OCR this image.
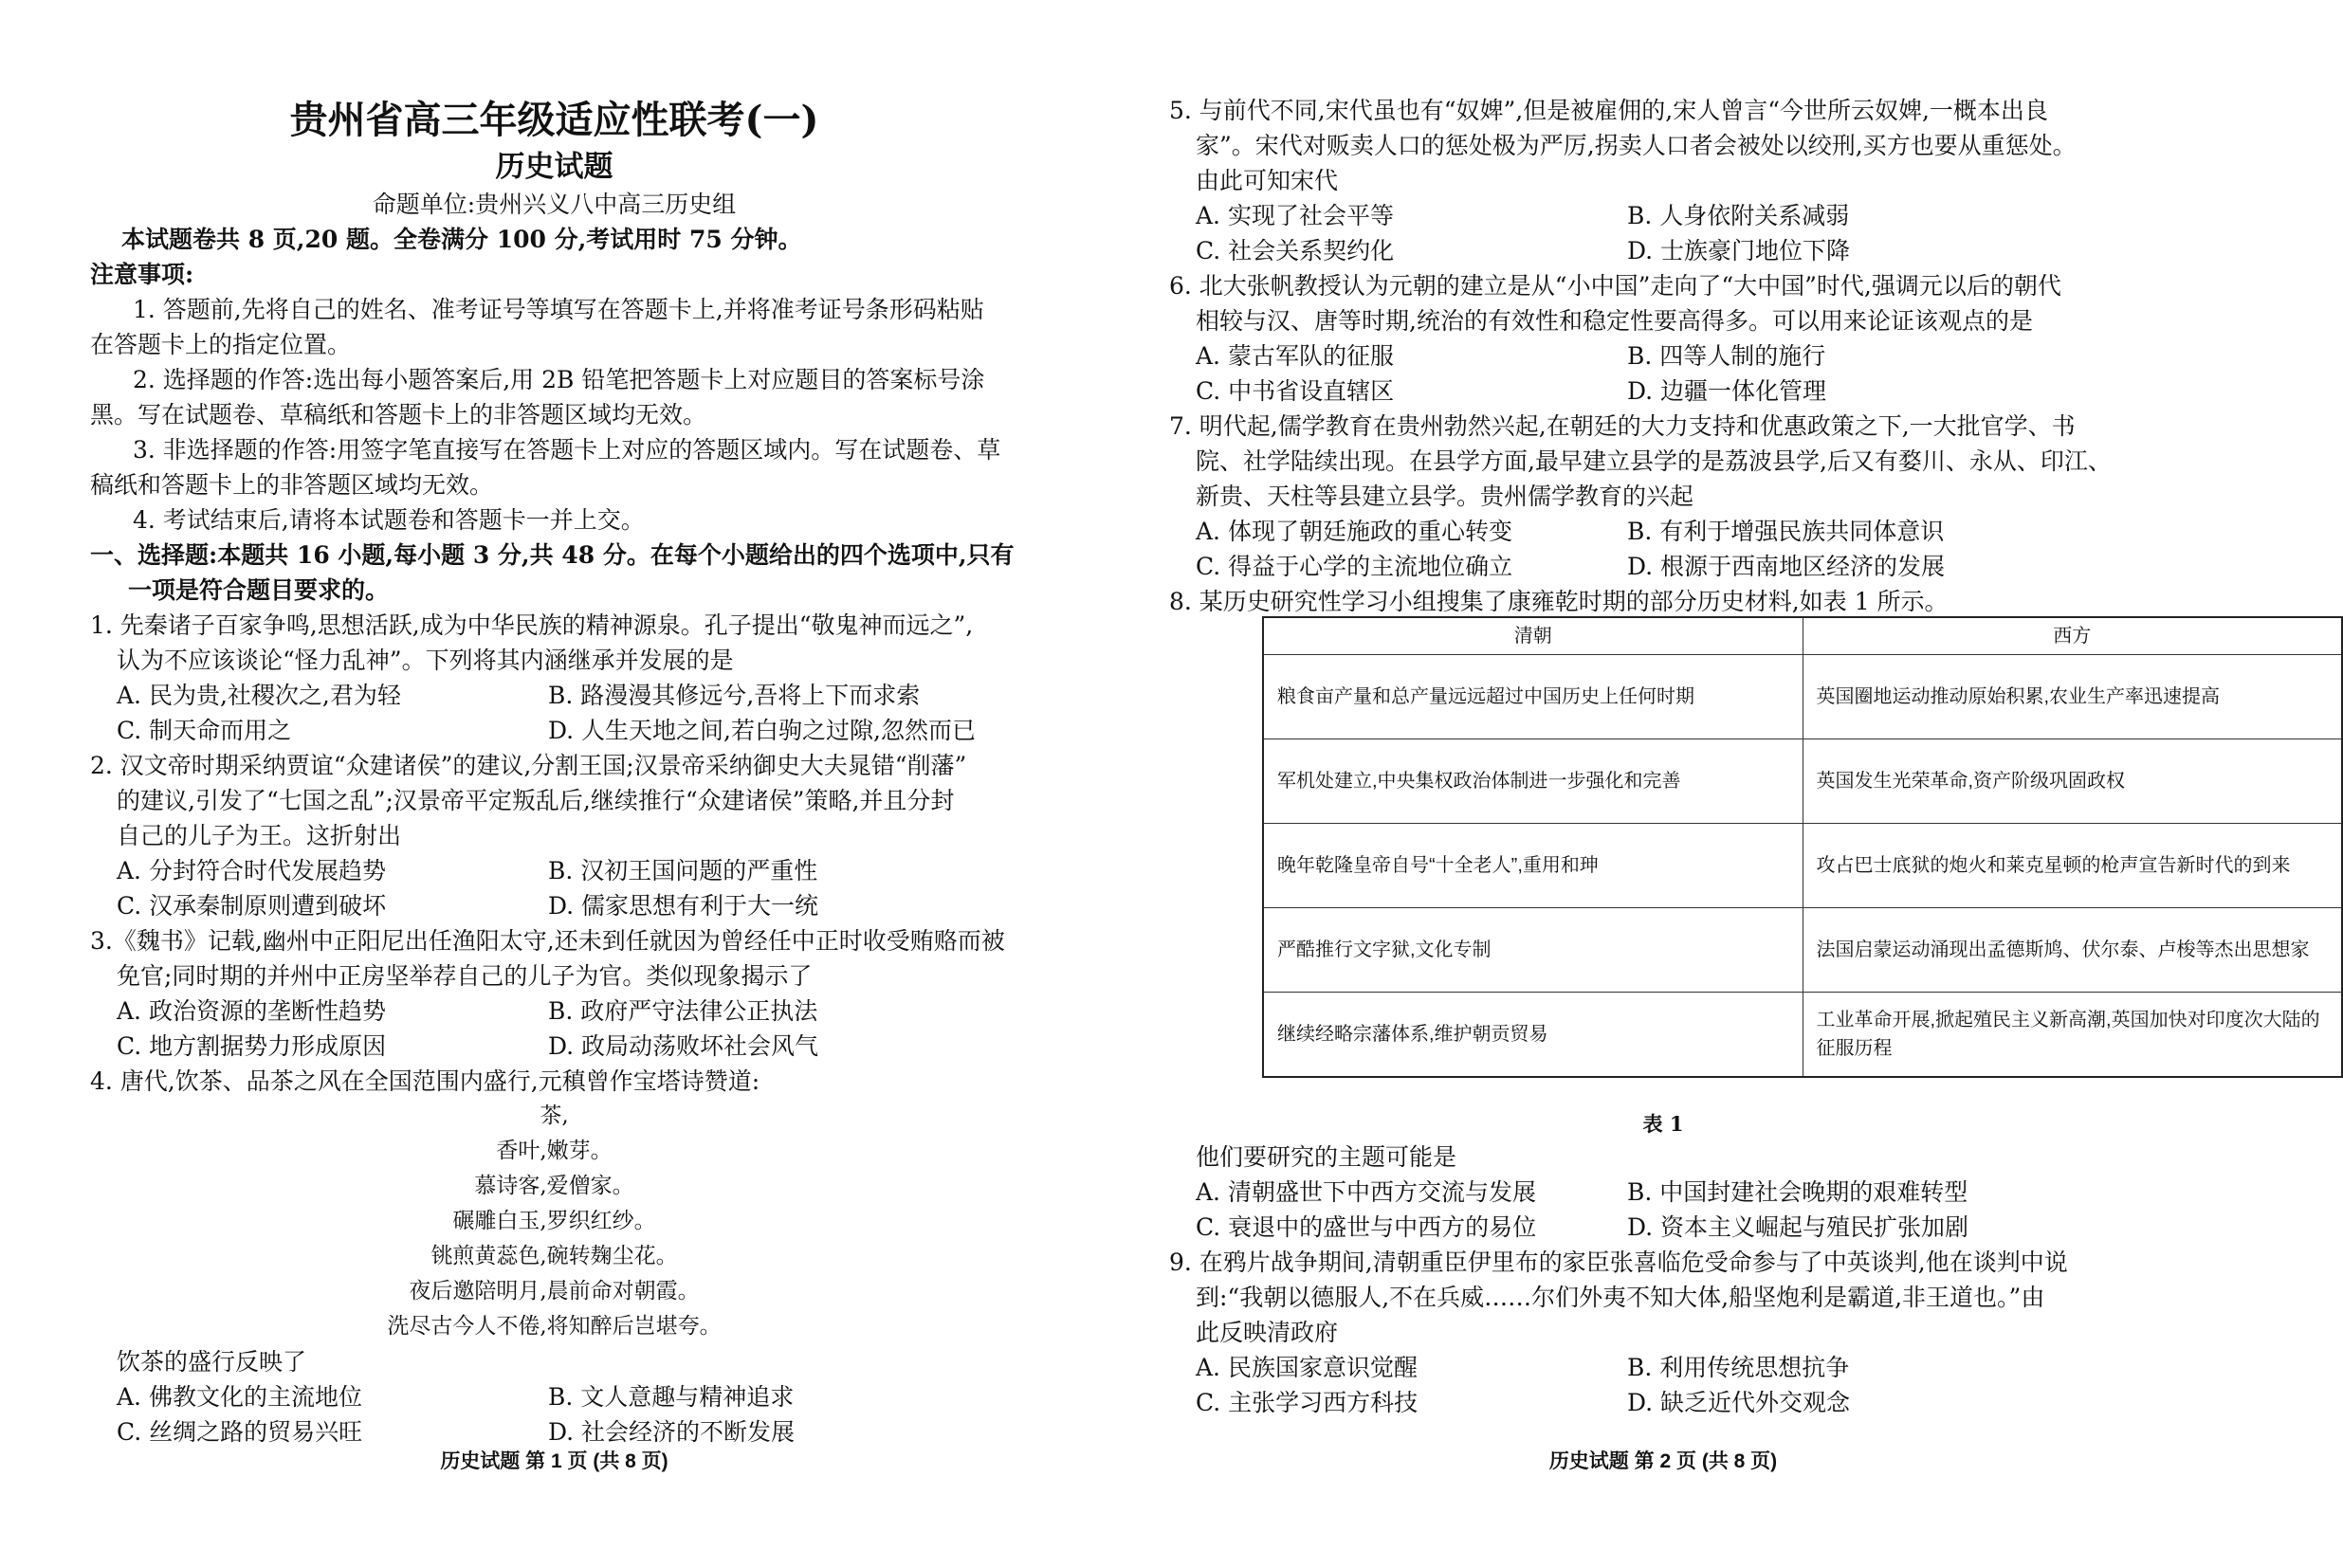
贵州省高三年级适应性联考(一)
历史试题
命题单位:贵州兴义八中高三历史组
本试题卷共 8 页,20 题。全卷满分 100 分,考试用时 75 分钟。
注意事项:
1. 答题前,先将自己的姓名、准考证号等填写在答题卡上,并将准考证号条形码粘贴
在答题卡上的指定位置。
2. 选择题的作答:选出每小题答案后,用 2B 铅笔把答题卡上对应题目的答案标号涂
黑。写在试题卷、草稿纸和答题卡上的非答题区域均无效。
3. 非选择题的作答:用签字笔直接写在答题卡上对应的答题区域内。写在试题卷、草
稿纸和答题卡上的非答题区域均无效。
4. 考试结束后,请将本试题卷和答题卡一并上交。
一、选择题:本题共 16 小题,每小题 3 分,共 48 分。在每个小题给出的四个选项中,只有
一项是符合题目要求的。
1. 先秦诸子百家争鸣,思想活跃,成为中华民族的精神源泉。孔子提出“敬鬼神而远之”,
认为不应该谈论“怪力乱神”。下列将其内涵继承并发展的是
A. 民为贵,社稷次之,君为轻	B. 路漫漫其修远兮,吾将上下而求索
C. 制天命而用之	D. 人生天地之间,若白驹之过隙,忽然而已
2. 汉文帝时期采纳贾谊“众建诸侯”的建议,分割王国;汉景帝采纳御史大夫晁错“削藩”
的建议,引发了“七国之乱”;汉景帝平定叛乱后,继续推行“众建诸侯”策略,并且分封
自己的儿子为王。这折射出
A. 分封符合时代发展趋势	B. 汉初王国问题的严重性
C. 汉承秦制原则遭到破坏	D. 儒家思想有利于大一统
3.《魏书》记载,幽州中正阳尼出任渔阳太守,还未到任就因为曾经任中正时收受贿赂而被
免官;同时期的并州中正房坚举荐自己的儿子为官。类似现象揭示了
A. 政治资源的垄断性趋势	B. 政府严守法律公正执法
C. 地方割据势力形成原因	D. 政局动荡败坏社会风气
4. 唐代,饮茶、品茶之风在全国范围内盛行,元稹曾作宝塔诗赞道:
茶,
香叶,嫩芽。
慕诗客,爱僧家。
碾雕白玉,罗织红纱。
铫煎黄蕊色,碗转麹尘花。
夜后邀陪明月,晨前命对朝霞。
洗尽古今人不倦,将知醉后岂堪夸。
饮茶的盛行反映了
A. 佛教文化的主流地位	B. 文人意趣与精神追求
C. 丝绸之路的贸易兴旺	D. 社会经济的不断发展
历史试题 第 1 页 (共 8 页)
5. 与前代不同,宋代虽也有“奴婢”,但是被雇佣的,宋人曾言“今世所云奴婢,一概本出良
家”。宋代对贩卖人口的惩处极为严厉,拐卖人口者会被处以绞刑,买方也要从重惩处。
由此可知宋代
A. 实现了社会平等	B. 人身依附关系减弱
C. 社会关系契约化	D. 士族豪门地位下降
6. 北大张帆教授认为元朝的建立是从“小中国”走向了“大中国”时代,强调元以后的朝代
相较与汉、唐等时期,统治的有效性和稳定性要高得多。可以用来论证该观点的是
A. 蒙古军队的征服	B. 四等人制的施行
C. 中书省设直辖区	D. 边疆一体化管理
7. 明代起,儒学教育在贵州勃然兴起,在朝廷的大力支持和优惠政策之下,一大批官学、书
院、社学陆续出现。在县学方面,最早建立县学的是荔波县学,后又有婺川、永从、印江、
新贵、天柱等县建立县学。贵州儒学教育的兴起
A. 体现了朝廷施政的重心转变	B. 有利于增强民族共同体意识
C. 得益于心学的主流地位确立	D. 根源于西南地区经济的发展
8. 某历史研究性学习小组搜集了康雍乾时期的部分历史材料,如表 1 所示。
清朝	西方
粮食亩产量和总产量远远超过中国历史上任何时期	英国圈地运动推动原始积累,农业生产率迅速提高
军机处建立,中央集权政治体制进一步强化和完善	英国发生光荣革命,资产阶级巩固政权
晚年乾隆皇帝自号“十全老人”,重用和珅	攻占巴士底狱的炮火和莱克星顿的枪声宣告新时代的到来
严酷推行文字狱,文化专制	法国启蒙运动涌现出孟德斯鸠、伏尔泰、卢梭等杰出思想家
继续经略宗藩体系,维护朝贡贸易	工业革命开展,掀起殖民主义新高潮,英国加快对印度次大陆的征服历程
表 1
他们要研究的主题可能是
A. 清朝盛世下中西方交流与发展	B. 中国封建社会晚期的艰难转型
C. 衰退中的盛世与中西方的易位	D. 资本主义崛起与殖民扩张加剧
9. 在鸦片战争期间,清朝重臣伊里布的家臣张喜临危受命参与了中英谈判,他在谈判中说
到:“我朝以德服人,不在兵威……尔们外夷不知大体,船坚炮利是霸道,非王道也。”由
此反映清政府
A. 民族国家意识觉醒	B. 利用传统思想抗争
C. 主张学习西方科技	D. 缺乏近代外交观念
历史试题 第 2 页 (共 8 页)
